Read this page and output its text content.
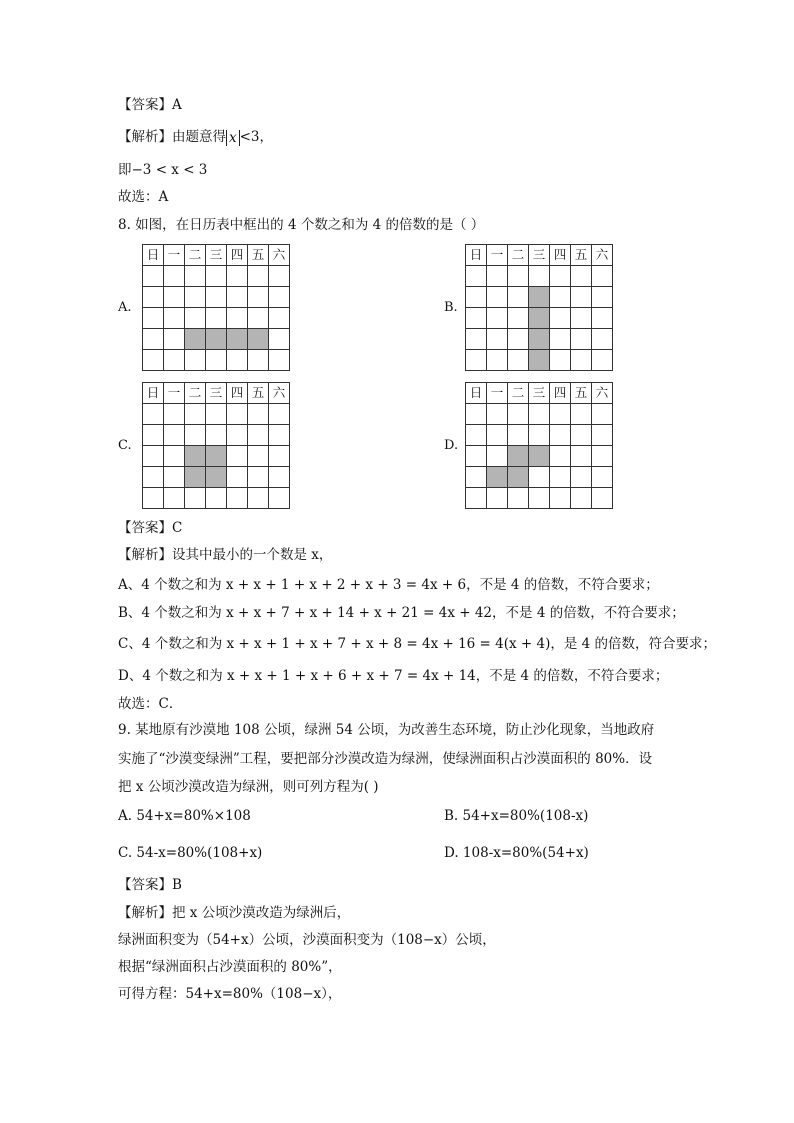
【答案】A
【解析】由题意得 x <3，
即−3 < x < 3
故选：A
8. 如图，在日历表中框出的 4 个数之和为 4 的倍数的是（ ）
A.	B.
C.	D.
日	一	二	三	四	五	六

							日	一	二	三	四	五	六

日	一	二	三	四	五	六

							日	一	二	三	四	五	六

【答案】C
【解析】设其中最小的一个数是 x，
A、4 个数之和为 x + x + 1 + x + 2 + x + 3 = 4x + 6，不是 4 的倍数，不符合要求；
B、4 个数之和为 x + x + 7 + x + 14 + x + 21 = 4x + 42，不是 4 的倍数，不符合要求；
C、4 个数之和为 x + x + 1 + x + 7 + x + 8 = 4x + 16 = 4(x + 4)，是 4 的倍数，符合要求；
D、4 个数之和为 x + x + 1 + x + 6 + x + 7 = 4x + 14，不是 4 的倍数，不符合要求；
故选：C．
9. 某地原有沙漠地 108 公顷，绿洲 54 公顷，为改善生态环境，防止沙化现象，当地政府
实施了“沙漠变绿洲”工程，要把部分沙漠改造为绿洲，使绿洲面积占沙漠面积的 80%．设
把 x 公顷沙漠改造为绿洲，则可列方程为( )
A. 54+x=80%×108	B. 54+x=80%(108-x)
C. 54-x=80%(108+x)	D. 108-x=80%(54+x)
【答案】B
【解析】把 x 公顷沙漠改造为绿洲后，
绿洲面积变为（54+x）公顷，沙漠面积变为（108−x）公顷，
根据“绿洲面积占沙漠面积的 80%”，
可得方程：54+x=80%（108−x），
